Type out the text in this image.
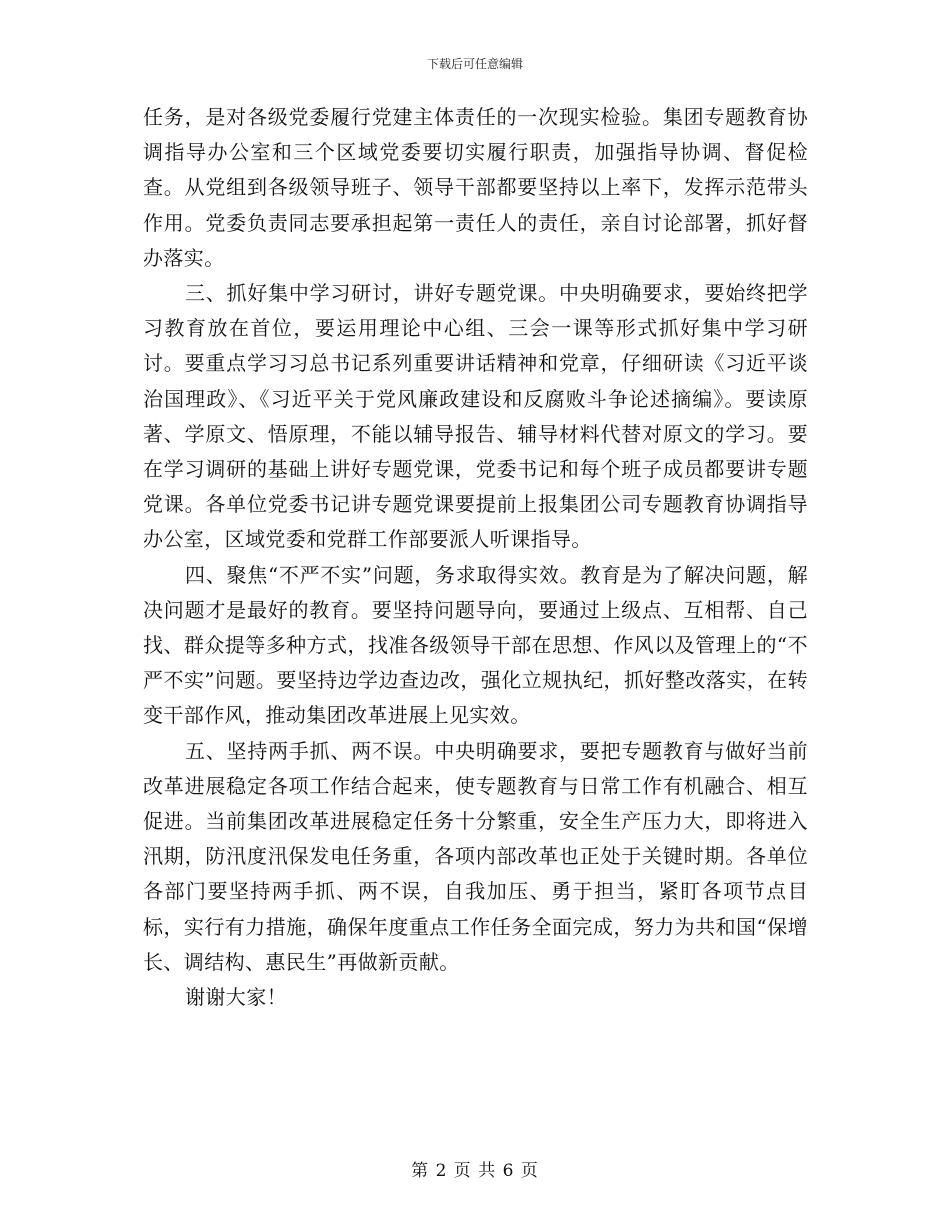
下载后可任意编辑

任务，是对各级党委履行党建主体责任的一次现实检验。集团专题教育协调指导办公室和三个区域党委要切实履行职责，加强指导协调、督促检查。从党组到各级领导班子、领导干部都要坚持以上率下，发挥示范带头作用。党委负责同志要承担起第一责任人的责任，亲自讨论部署，抓好督办落实。

三、抓好集中学习研讨，讲好专题党课。中央明确要求，要始终把学习教育放在首位，要运用理论中心组、三会一课等形式抓好集中学习研讨。要重点学习习总书记系列重要讲话精神和党章，仔细研读《习近平谈治国理政》、《习近平关于党风廉政建设和反腐败斗争论述摘编》。要读原著、学原文、悟原理，不能以辅导报告、辅导材料代替对原文的学习。要在学习调研的基础上讲好专题党课，党委书记和每个班子成员都要讲专题党课。各单位党委书记讲专题党课要提前上报集团公司专题教育协调指导办公室，区域党委和党群工作部要派人听课指导。

四、聚焦“不严不实”问题，务求取得实效。教育是为了解决问题，解决问题才是最好的教育。要坚持问题导向，要通过上级点、互相帮、自己找、群众提等多种方式，找准各级领导干部在思想、作风以及管理上的“不严不实”问题。要坚持边学边查边改，强化立规执纪，抓好整改落实，在转变干部作风，推动集团改革进展上见实效。

五、坚持两手抓、两不误。中央明确要求，要把专题教育与做好当前改革进展稳定各项工作结合起来，使专题教育与日常工作有机融合、相互促进。当前集团改革进展稳定任务十分繁重，安全生产压力大，即将进入汛期，防汛度汛保发电任务重，各项内部改革也正处于关键时期。各单位各部门要坚持两手抓、两不误，自我加压、勇于担当，紧盯各项节点目标，实行有力措施，确保年度重点工作任务全面完成，努力为共和国“保增长、调结构、惠民生”再做新贡献。

谢谢大家！

第 2 页 共 6 页
